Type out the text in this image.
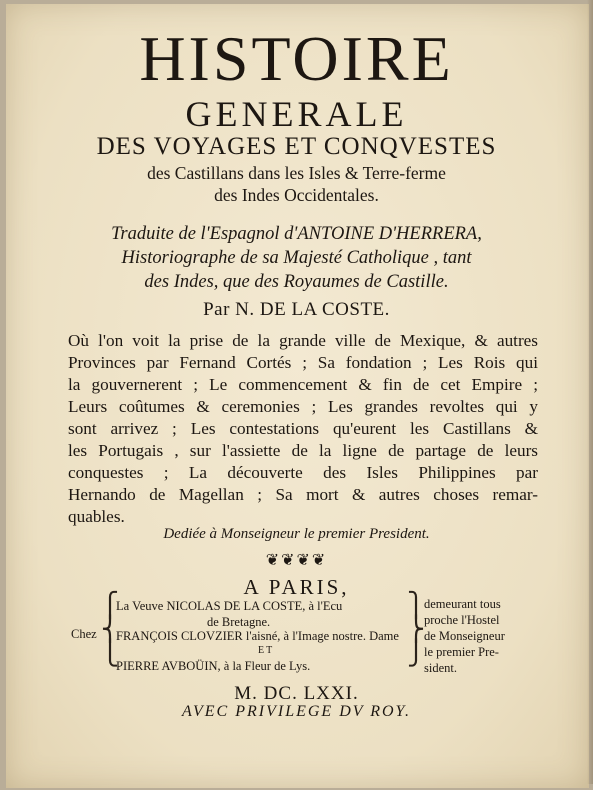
HISTOIRE
GENERALE
DES VOYAGES ET CONQVESTES
des Castillans dans les Isles & Terre-ferme
des Indes Occidentales.
Traduite de l'Espagnol d'ANTOINE D'HERRERA,
Historiographe de sa Majesté Catholique , tant
des Indes, que des Royaumes de Castille.
Par N. DE LA COSTE.
Où l'on voit la prise de la grande ville de Mexique, & autres
Provinces par Fernand Cortés ; Sa fondation ; Les Rois qui
la gouvernerent ; Le commencement & fin de cet Empire ;
Leurs coûtumes & ceremonies ; Les grandes revoltes qui y
sont arrivez ; Les contestations qu'eurent les Castillans &
les Portugais , sur l'assiette de la ligne de partage de leurs
conquestes ; La découverte des Isles Philippines par
Hernando de Magellan ; Sa mort & autres choses remar-
quables.
Dediée à Monseigneur le premier President.
❦❦❦❦
A PARIS,
Chez
⎧
⎨
⎩
La Veuve NICOLAS DE LA COSTE, à l'Ecu
de Bretagne.
FRANÇOIS CLOVZIER l'aisné, à l'Image nostre. Dame
ET
PIERRE AVBOÜIN, à la Fleur de Lys.
⎫
⎬
⎭
demeurant tous
proche l'Hostel
de Monseigneur
le premier Pre-
sident.
M. DC. LXXI.
AVEC PRIVILEGE DV ROY.
